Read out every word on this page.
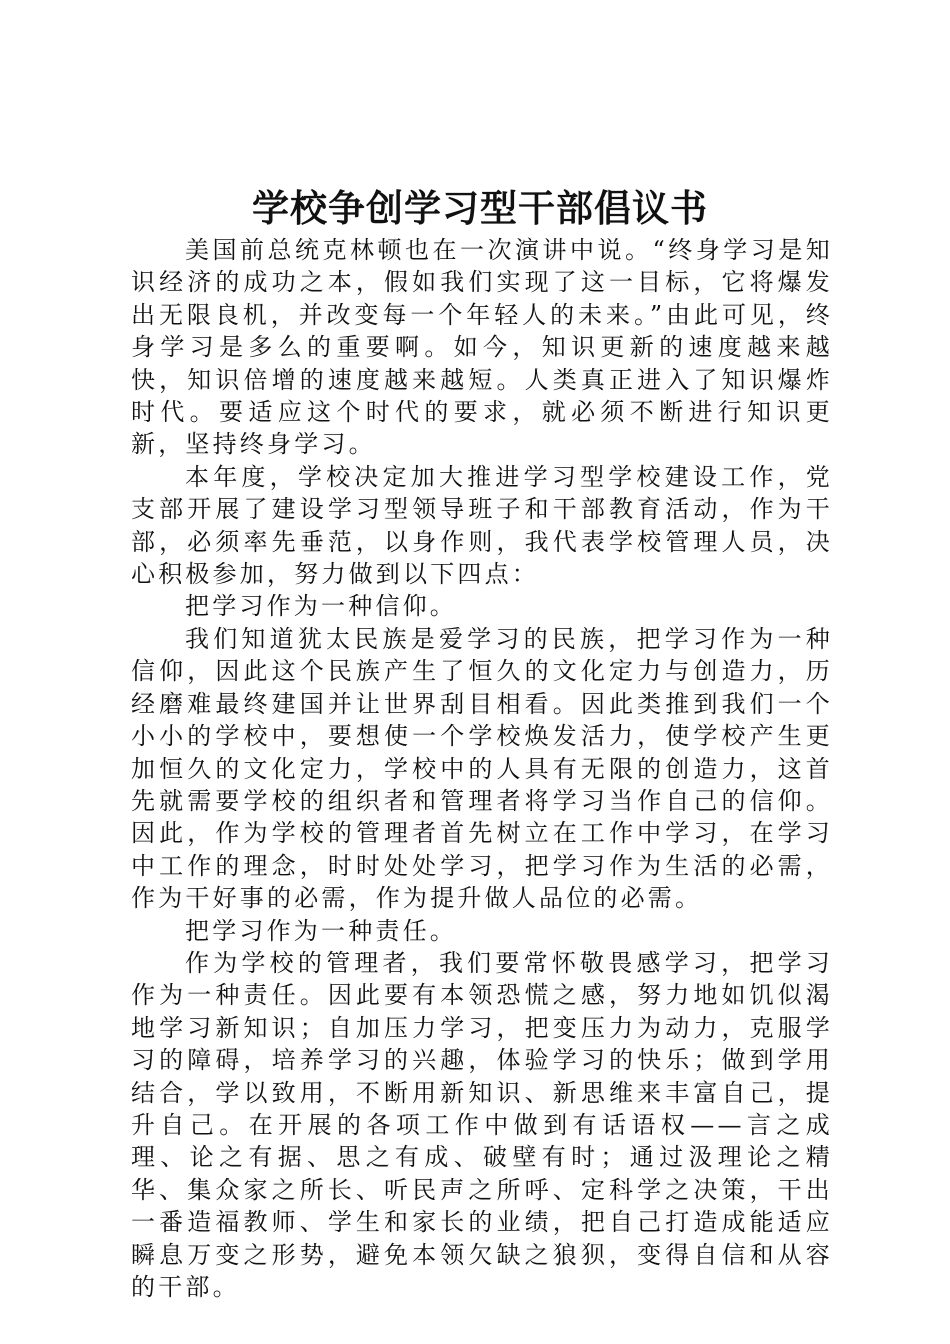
学校争创学习型干部倡议书

美国前总统克林顿也在一次演讲中说。“终身学习是知识经济的成功之本，假如我们实现了这一目标，它将爆发出无限良机，并改变每一个年轻人的未来。”由此可见，终身学习是多么的重要啊。如今，知识更新的速度越来越快，知识倍增的速度越来越短。人类真正进入了知识爆炸时代。要适应这个时代的要求，就必须不断进行知识更新，坚持终身学习。

本年度，学校决定加大推进学习型学校建设工作，党支部开展了建设学习型领导班子和干部教育活动，作为干部，必须率先垂范，以身作则，我代表学校管理人员，决心积极参加，努力做到以下四点：

把学习作为一种信仰。

我们知道犹太民族是爱学习的民族，把学习作为一种信仰，因此这个民族产生了恒久的文化定力与创造力，历经磨难最终建国并让世界刮目相看。因此类推到我们一个小小的学校中，要想使一个学校焕发活力，使学校产生更加恒久的文化定力，学校中的人具有无限的创造力，这首先就需要学校的组织者和管理者将学习当作自己的信仰。因此，作为学校的管理者首先树立在工作中学习，在学习中工作的理念，时时处处学习，把学习作为生活的必需，作为干好事的必需，作为提升做人品位的必需。

把学习作为一种责任。

作为学校的管理者，我们要常怀敬畏感学习，把学习作为一种责任。因此要有本领恐慌之感，努力地如饥似渴地学习新知识；自加压力学习，把变压力为动力，克服学习的障碍，培养学习的兴趣，体验学习的快乐；做到学用结合，学以致用，不断用新知识、新思维来丰富自己，提升自己。在开展的各项工作中做到有话语权——言之成理、论之有据、思之有成、破壁有时；通过汲理论之精华、集众家之所长、听民声之所呼、定科学之决策，干出一番造福教师、学生和家长的业绩，把自己打造成能适应瞬息万变之形势，避免本领欠缺之狼狈，变得自信和从容的干部。
